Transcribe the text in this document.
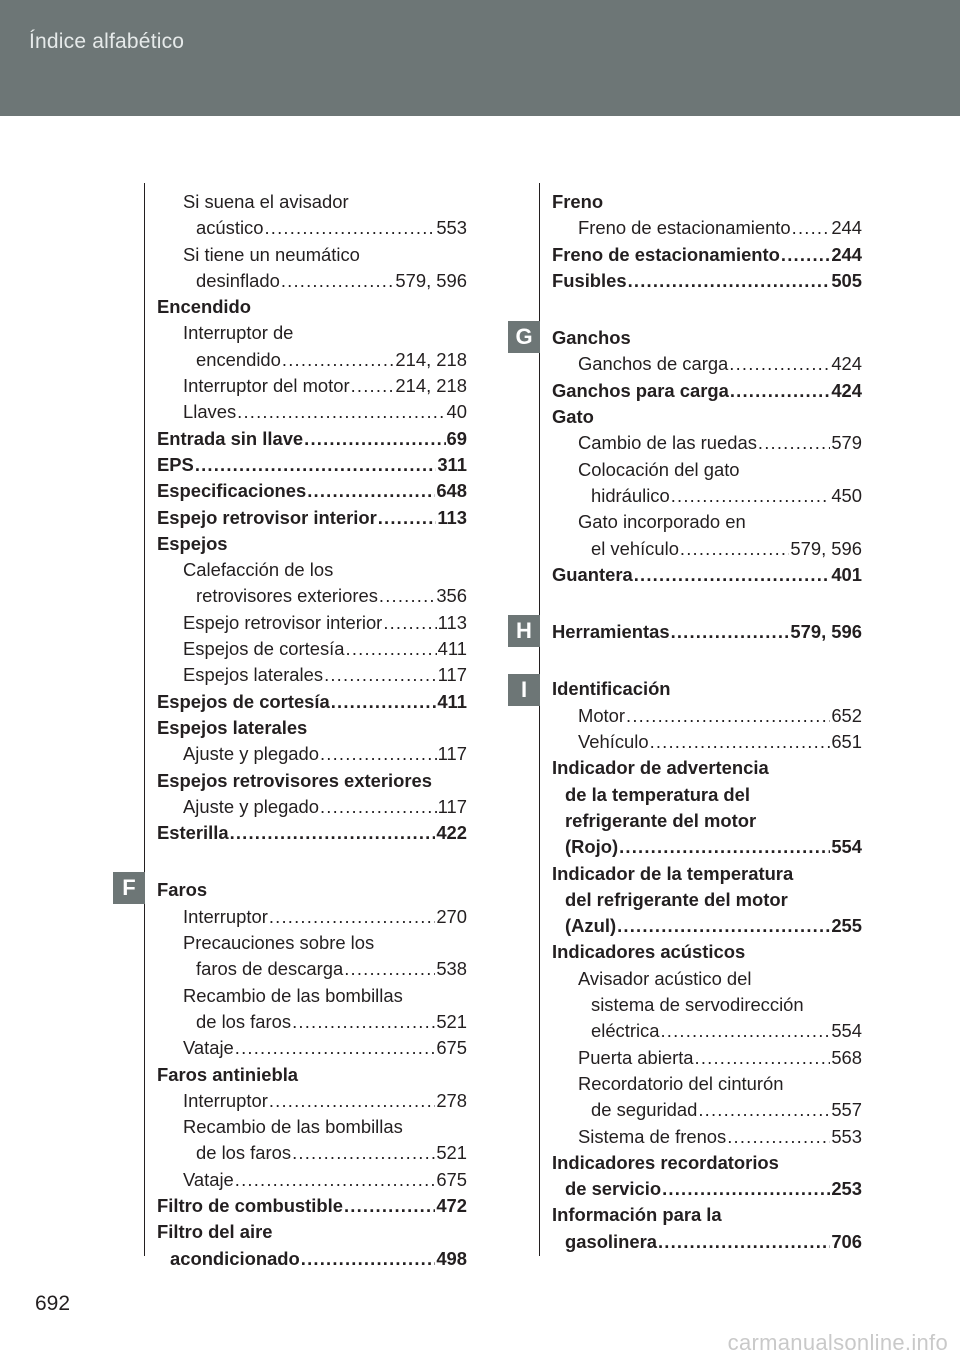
Índice alfabético
Si suena el avisador
acústico .....	553
Si tiene un neumático
desinflado .....	579, 596
Encendido
Interruptor de
encendido .....	214, 218
Interruptor del motor ..... 214, 218
Llaves .....	40
Entrada sin llave .....	69
EPS .....	311
Especificaciones .....	648
Espejo retrovisor interior .....	113
Espejos
Calefacción de los
retrovisores exteriores .....	356
Espejo retrovisor interior .....	113
Espejos de cortesía .....	411
Espejos laterales .....	117
Espejos de cortesía .....	411
Espejos laterales
Ajuste y plegado .....	117
Espejos retrovisores exteriores
Ajuste y plegado .....	117
Esterilla .....	422
Faros
Interruptor .....	270
Precauciones sobre los
faros de descarga .....	538
Recambio de las bombillas
de los faros .....	521
Vataje .....	675
Faros antiniebla
Interruptor .....	278
Recambio de las bombillas
de los faros .....	521
Vataje .....	675
Filtro de combustible .....	472
Filtro del aire
acondicionado .....	498
Freno
Freno de estacionamiento ..... 244
Freno de estacionamiento .....	244
Fusibles .....	505
Ganchos
Ganchos de carga .....	424
Ganchos para carga .....	424
Gato
Cambio de las ruedas .....	579
Colocación del gato
hidráulico .....	450
Gato incorporado en
el vehículo .....	579, 596
Guantera .....	401
Herramientas .....	579, 596
Identificación
Motor .....	652
Vehículo .....	651
Indicador de advertencia
de la temperatura del
refrigerante del motor
(Rojo) .....	554
Indicador de la temperatura
del refrigerante del motor
(Azul) .....	255
Indicadores acústicos
Avisador acústico del
sistema de servodirección
eléctrica .....	554
Puerta abierta .....	568
Recordatorio del cinturón
de seguridad .....	557
Sistema de frenos .....	553
Indicadores recordatorios
de servicio .....	253
Información para la
gasolinera .....	706
F
G
H
I
692
carmanualsonline.info
